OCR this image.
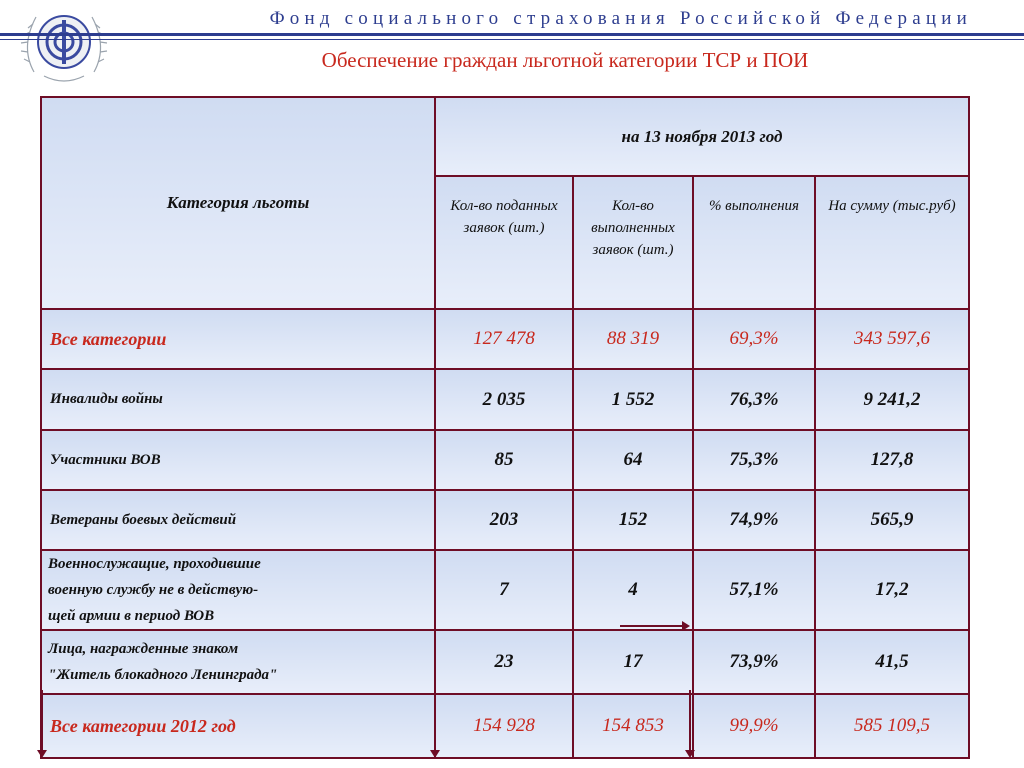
Фонд социального страхования Российской Федерации
Обеспечение граждан льготной категории ТСР и ПОИ
Категория льготы	на 13 ноября 2013 год			
	Кол-во поданных заявок (шт.)	Кол-во выполненных заявок (шт.)	% выполнения	На сумму (тыс.руб)
Все категории	127 478	88 319	69,3%	343 597,6
Инвалиды войны	2 035	1 552	76,3%	9 241,2
Участники ВОВ	85	64	75,3%	127,8
Ветераны боевых действий	203	152	74,9%	565,9

Военнослужащие, проходившие
военную службу не в действую-
щей армии в период ВОВ	7	4	57,1%	17,2

Лица, награжденные знаком
"Житель блокадного Ленинграда"	23	17	73,9%	41,5
Все категории 2012 год	154 928	154 853	99,9%	585 109,5
